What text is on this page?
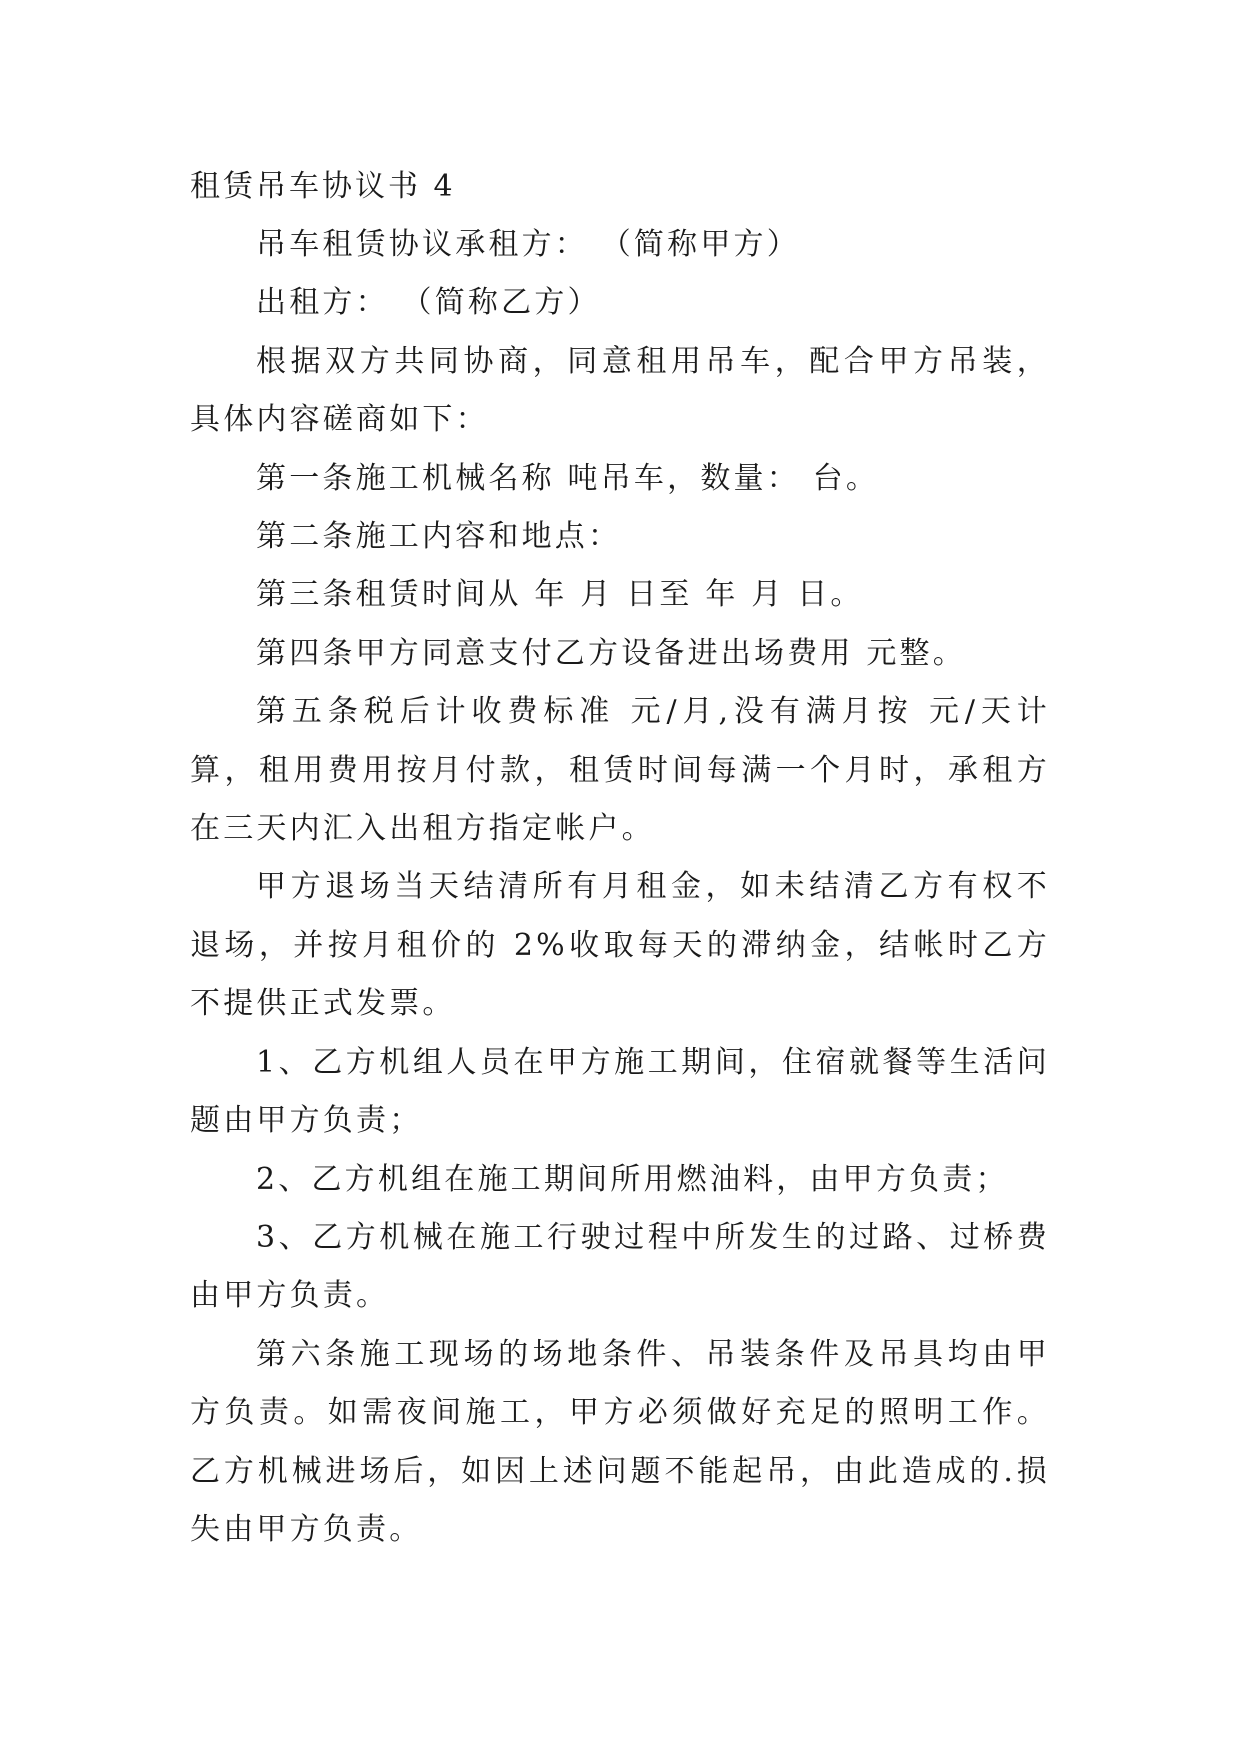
租赁吊车协议书 4

吊车租赁协议承租方： （简称甲方）

出租方： （简称乙方）

根据双方共同协商，同意租用吊车，配合甲方吊装，具体内容磋商如下：

第一条施工机械名称 吨吊车，数量： 台。

第二条施工内容和地点：

第三条租赁时间从 年 月 日至 年 月 日。

第四条甲方同意支付乙方设备进出场费用 元整。

第五条税后计收费标准 元/月,没有满月按 元/天计算，租用费用按月付款，租赁时间每满一个月时，承租方在三天内汇入出租方指定帐户。

甲方退场当天结清所有月租金，如未结清乙方有权不退场，并按月租价的 2%收取每天的滞纳金，结帐时乙方不提供正式发票。

1、乙方机组人员在甲方施工期间，住宿就餐等生活问题由甲方负责；

2、乙方机组在施工期间所用燃油料，由甲方负责；

3、乙方机械在施工行驶过程中所发生的过路、过桥费由甲方负责。

第六条施工现场的场地条件、吊装条件及吊具均由甲方负责。如需夜间施工，甲方必须做好充足的照明工作。乙方机械进场后，如因上述问题不能起吊，由此造成的.损失由甲方负责。
